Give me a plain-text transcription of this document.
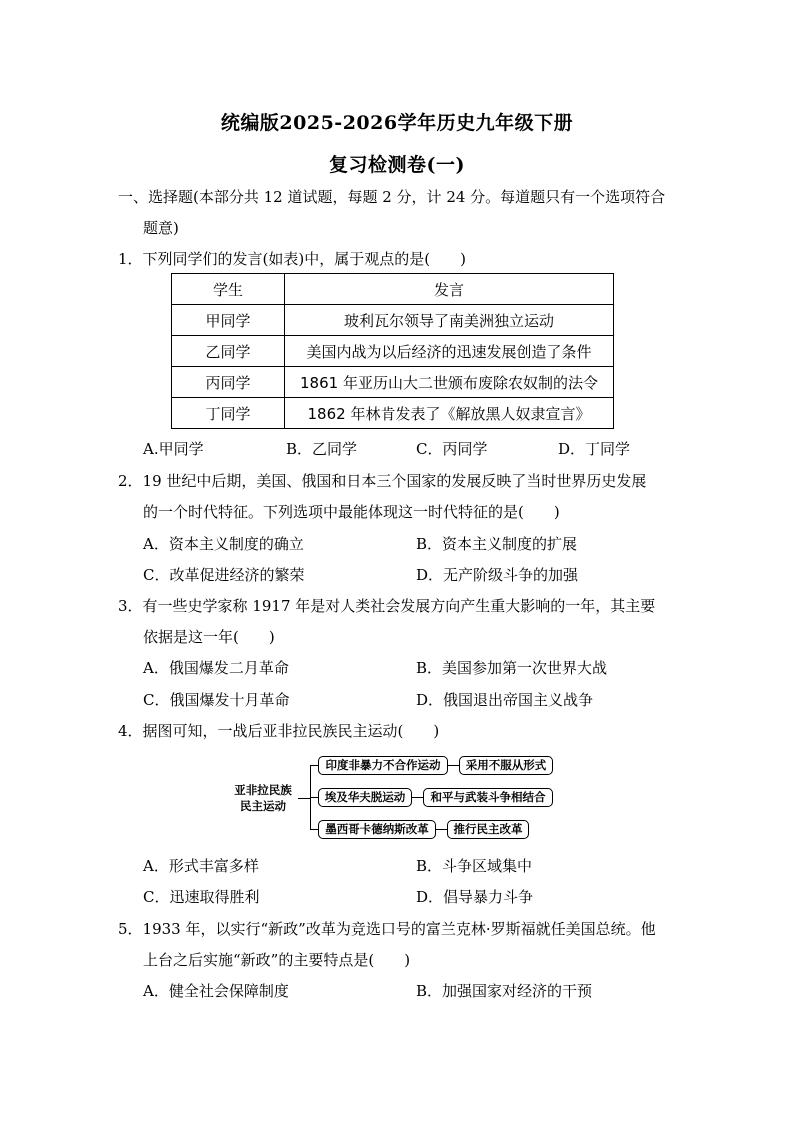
统编版2025-2026学年历史九年级下册
复习检测卷(一)
一、选择题(本部分共 12 道试题，每题 2 分，计 24 分。每道题只有一个选项符合
题意)
1．下列同学们的发言(如表)中，属于观点的是(　　)
学生	发言
甲同学	玻利瓦尔领导了南美洲独立运动
乙同学	美国内战为以后经济的迅速发展创造了条件
丙同学	1861 年亚历山大二世颁布废除农奴制的法令
丁同学	1862 年林肯发表了《解放黑人奴隶宣言》
A.甲同学	B．乙同学	C．丙同学	D．丁同学
2．19 世纪中后期，美国、俄国和日本三个国家的发展反映了当时世界历史发展
的一个时代特征。下列选项中最能体现这一时代特征的是(　　)
A．资本主义制度的确立	B．资本主义制度的扩展
C．改革促进经济的繁荣	D．无产阶级斗争的加强
3．有一些史学家称 1917 年是对人类社会发展方向产生重大影响的一年，其主要
依据是这一年(　　)
A．俄国爆发二月革命	B．美国参加第一次世界大战
C．俄国爆发十月革命	D．俄国退出帝国主义战争
4．据图可知，一战后亚非拉民族民主运动(　　)
亚非拉民族
民主运动
印度非暴力不合作运动	采用不服从形式
埃及华夫脱运动	和平与武装斗争相结合
墨西哥卡德纳斯改革	推行民主改革
A．形式丰富多样	B．斗争区域集中
C．迅速取得胜利	D．倡导暴力斗争
5．1933 年，以实行“新政”改革为竞选口号的富兰克林·罗斯福就任美国总统。他
上台之后实施“新政”的主要特点是(　　)
A．健全社会保障制度	B．加强国家对经济的干预
